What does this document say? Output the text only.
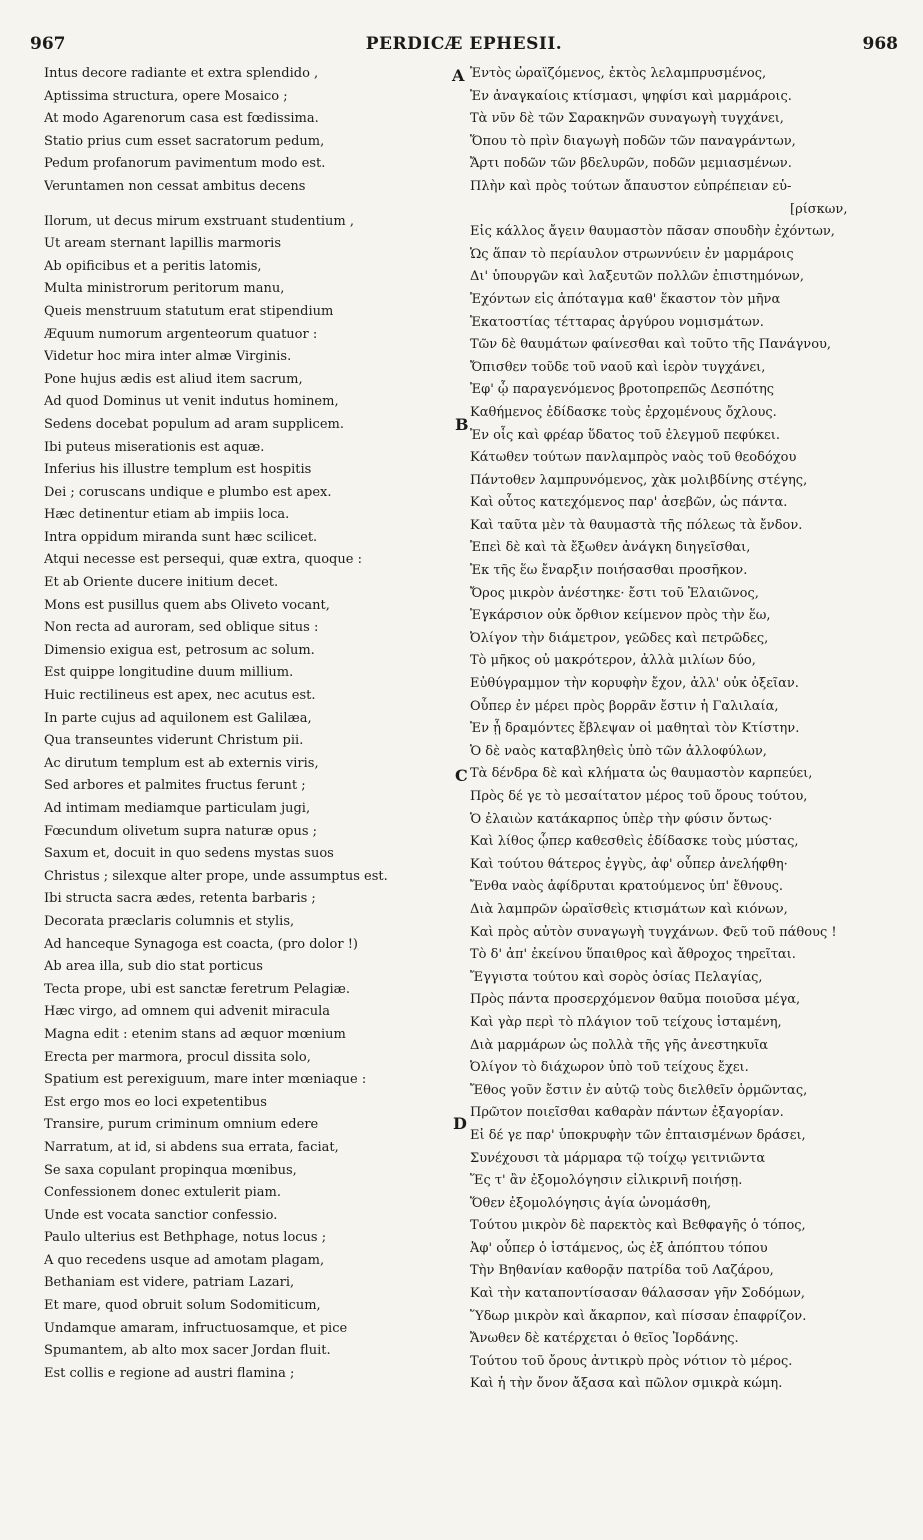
967	PERDICÆ EPHESII.	968
Intus decore radiante et extra splendido ,
Aptissima structura, opere Mosaico ;
At modo Agarenorum casa est fœdissima.
Statio prius cum esset sacratorum pedum,
Pedum profanorum pavimentum modo est.
Veruntamen non cessat ambitus decens
Ilorum, ut decus mirum exstruant studentium ,
Ut aream sternant lapillis marmoris
Ab opificibus et a peritis latomis,
Multa ministrorum peritorum manu,
Queis menstruum statutum erat stipendium
Æquum numorum argenteorum quatuor :
Videtur hoc mira inter almæ Virginis.
Pone hujus ædis est aliud item sacrum,
Ad quod Dominus ut venit indutus hominem,
Sedens docebat populum ad aram supplicem.
Ibi puteus miserationis est aquæ.
Inferius his illustre templum est hospitis
Dei ; coruscans undique e plumbo est apex.
Hæc detinentur etiam ab impiis loca.
Intra oppidum miranda sunt hæc scilicet.
Atqui necesse est persequi, quæ extra, quoque :
Et ab Oriente ducere initium decet.
Mons est pusillus quem abs Oliveto vocant,
Non recta ad auroram, sed oblique situs :
Dimensio exigua est, petrosum ac solum.
Est quippe longitudine duum millium.
Huic rectilineus est apex, nec acutus est.
In parte cujus ad aquilonem est Galilæa,
Qua transeuntes viderunt Christum pii.
Ac dirutum templum est ab externis viris,
Sed arbores et palmites fructus ferunt ;
Ad intimam mediamque particulam jugi,
Fœcundum olivetum supra naturæ opus ;
Saxum et, docuit in quo sedens mystas suos
Christus ; silexque alter prope, unde assumptus est.
Ibi structa sacra ædes, retenta barbaris ;
Decorata præclaris columnis et stylis,
Ad hanceque Synagoga est coacta, (pro dolor !)
Ab area illa, sub dio stat porticus
Tecta prope, ubi est sanctæ feretrum Pelagiæ.
Hæc virgo, ad omnem qui advenit miracula
Magna edit : etenim stans ad æquor mœnium
Erecta per marmora, procul dissita solo,
Spatium est perexiguum, mare inter mœniaque :
Est ergo mos eo loci expetentibus
Transire, purum criminum omnium edere
Narratum, at id, si abdens sua errata, faciat,
Se saxa copulant propinqua mœnibus,
Confessionem donec extulerit piam.
Unde est vocata sanctior confessio.
Paulo ulterius est Bethphage, notus locus ;
A quo recedens usque ad amotam plagam,
Bethaniam est videre, patriam Lazari,
Et mare, quod obruit solum Sodomiticum,
Undamque amaram, infructuosamque, et pice
Spumantem, ab alto mox sacer Jordan fluit.
Est collis e regione ad austri flamina ;
Ἐντὸς ὡραϊζόμενος, ἐκτὸς λελαμπρυσμένος,
Ἐν ἀναγκαίοις κτίσμασι, ψηφίσι καὶ μαρμάροις.
Τὰ νῦν δὲ τῶν Σαρακηνῶν συναγωγὴ τυγχάνει,
Ὅπου τὸ πρὶν διαγωγὴ ποδῶν τῶν παναγράντων,
Ἄρτι ποδῶν τῶν βδελυρῶν, ποδῶν μεμιασμένων.
Πλὴν καὶ πρὸς τούτων ἄπαυστον εὐπρέπειαν εὑ-
[ρίσκων,
Εἰς κάλλος ἄγειν θαυμαστὸν πᾶσαν σπουδὴν ἐχόντων,
Ὡς ἅπαν τὸ περίαυλον στρωννύειν ἐν μαρμάροις
Δι' ὑπουργῶν καὶ λαξευτῶν πολλῶν ἐπιστημόνων,
Ἐχόντων εἰς ἀπόταγμα καθ' ἕκαστον τὸν μῆνα
Ἑκατοστίας τέτταρας ἀργύρου νομισμάτων.
Τῶν δὲ θαυμάτων φαίνεσθαι καὶ τοῦτο τῆς Πανάγνου,
Ὄπισθεν τοῦδε τοῦ ναοῦ καὶ ἱερὸν τυγχάνει,
Ἐφ' ᾧ παραγενόμενος βροτοπρεπῶς Δεσπότης
Καθήμενος ἐδίδασκε τοὺς ἐρχομένους ὄχλους.
Ἐν οἷς καὶ φρέαρ ὕδατος τοῦ ἐλεγμοῦ πεφύκει.
Κάτωθεν τούτων πανλαμπρὸς ναὸς τοῦ θεοδόχου
Πάντοθεν λαμπρυνόμενος, χὰκ μολιβδίνης στέγης,
Καὶ οὗτος κατεχόμενος παρ' ἀσεβῶν, ὡς πάντα.
Καὶ ταῦτα μὲν τὰ θαυμαστὰ τῆς πόλεως τὰ ἔνδον.
Ἐπεὶ δὲ καὶ τὰ ἔξωθεν ἀνάγκη διηγεῖσθαι,
Ἐκ τῆς ἕω ἔναρξιν ποιήσασθαι προσῆκον.
Ὄρος μικρὸν ἀνέστηκε· ἔστι τοῦ Ἐλαιῶνος,
Ἐγκάρσιον οὐκ ὄρθιον κείμενον πρὸς τὴν ἕω,
Ὀλίγον τὴν διάμετρον, γεῶδες καὶ πετρῶδες,
Τὸ μῆκος οὐ μακρότερον, ἀλλὰ μιλίων δύο,
Εὐθύγραμμον τὴν κορυφὴν ἔχον, ἀλλ' οὐκ ὀξεῖαν.
Οὗπερ ἐν μέρει πρὸς βορρᾶν ἔστιν ἡ Γαλιλαία,
Ἐν ᾗ δραμόντες ἔβλεψαν οἱ μαθηταὶ τὸν Κτίστην.
Ὁ δὲ ναὸς καταβληθεὶς ὑπὸ τῶν ἀλλοφύλων,
Τὰ δένδρα δὲ καὶ κλήματα ὡς θαυμαστὸν καρπεύει,
Πρὸς δέ γε τὸ μεσαίτατον μέρος τοῦ ὄρους τούτου,
Ὁ ἐλαιὼν κατάκαρπος ὑπὲρ τὴν φύσιν ὄντως·
Καὶ λίθος ᾧπερ καθεσθεὶς ἐδίδασκε τοὺς μύστας,
Καὶ τούτου θάτερος ἐγγὺς, ἀφ' οὗπερ ἀνελήφθη·
Ἔνθα ναὸς ἀφίδρυται κρατούμενος ὑπ' ἔθνους.
Διὰ λαμπρῶν ὡραϊσθεὶς κτισμάτων καὶ κιόνων,
Καὶ πρὸς αὐτὸν συναγωγὴ τυγχάνων. Φεῦ τοῦ πάθους !
Τὸ δ' ἀπ' ἐκείνου ὕπαιθρος καὶ ἄθροχος τηρεῖται.
Ἔγγιστα τούτου καὶ σορὸς ὁσίας Πελαγίας,
Πρὸς πάντα προσερχόμενον θαῦμα ποιοῦσα μέγα,
Καὶ γὰρ περὶ τὸ πλάγιον τοῦ τείχους ἱσταμένη,
Διὰ μαρμάρων ὡς πολλὰ τῆς γῆς ἀνεστηκυῖα
Ὀλίγον τὸ διάχωρον ὑπὸ τοῦ τείχους ἔχει.
Ἔθος γοῦν ἔστιν ἐν αὐτῷ τοὺς διελθεῖν ὁρμῶντας,
Πρῶτον ποιεῖσθαι καθαρὰν πάντων ἐξαγορίαν.
Εἰ δέ γε παρ' ὑποκρυφὴν τῶν ἐπταισμένων δράσει,
Συνέχουσι τὰ μάρμαρα τῷ τοίχῳ γειτνιῶντα
Ἕς τ' ἂν ἐξομολόγησιν εἰλικρινῆ ποιήσῃ.
Ὅθεν ἐξομολόγησις ἁγία ὠνομάσθη,
Τούτου μικρὸν δὲ παρεκτὸς καὶ Βεθφαγῆς ὁ τόπος,
Ἀφ' οὗπερ ὁ ἱστάμενος, ὡς ἐξ ἀπόπτου τόπου
Τὴν Βηθανίαν καθορᾷν πατρίδα τοῦ Λαζάρου,
Καὶ τὴν καταποντίσασαν θάλασσαν γῆν Σοδόμων,
Ὕδωρ μικρὸν καὶ ἄκαρπον, καὶ πίσσαν ἐπαφρίζον.
Ἄνωθεν δὲ κατέρχεται ὁ θεῖος Ἰορδάνης.
Τούτου τοῦ ὄρους ἀντικρὺ πρὸς νότιον τὸ μέρος.
Καὶ ἡ τὴν ὄνον ἄξασα καὶ πῶλον σμικρὰ κώμη.
A
B
C
D
